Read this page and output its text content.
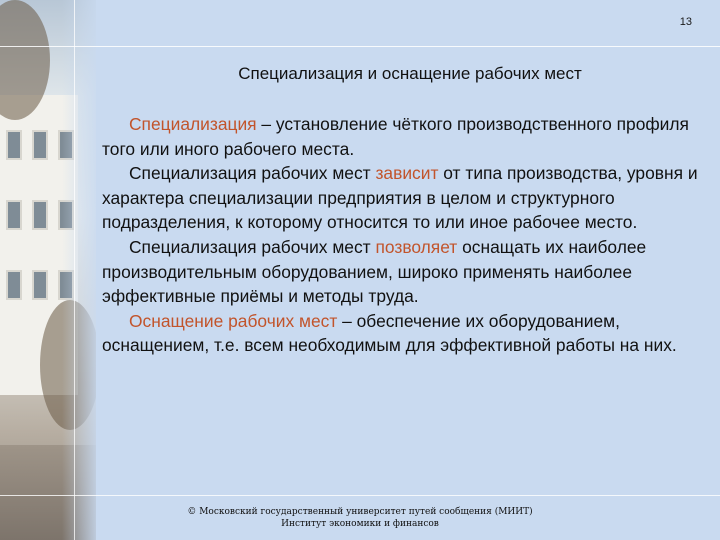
13
Специализация и оснащение рабочих мест

Специализация – установление чёткого производственного профиля того или иного рабочего места.

Специализация рабочих мест зависит от типа производства, уровня и характера специализации предприятия в целом и структурного подразделения, к которому относится то или иное рабочее место.

Специализация рабочих мест позволяет оснащать их наиболее производительным оборудованием, широко применять наиболее эффективные приёмы и методы труда.

Оснащение рабочих мест – обеспечение их оборудованием, оснащением, т.е. всем необходимым для эффективной работы на них.

© Московский государственный университет путей сообщения (МИИТ)
Институт экономики и финансов
